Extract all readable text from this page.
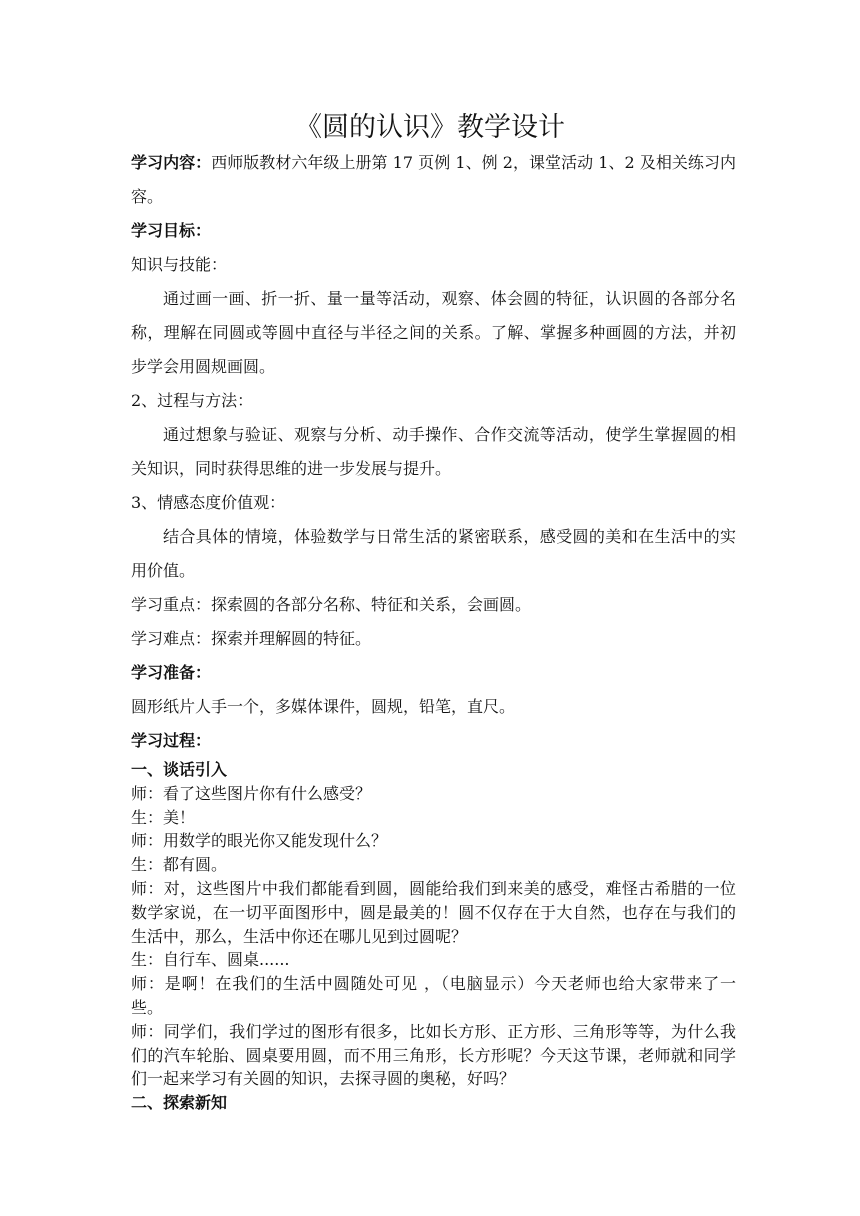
《圆的认识》教学设计

学习内容：西师版教材六年级上册第 17 页例 1、例 2，课堂活动 1、2 及相关练习内容。

学习目标：

知识与技能：

通过画一画、折一折、量一量等活动，观察、体会圆的特征，认识圆的各部分名称，理解在同圆或等圆中直径与半径之间的关系。了解、掌握多种画圆的方法，并初步学会用圆规画圆。

2、过程与方法：

通过想象与验证、观察与分析、动手操作、合作交流等活动，使学生掌握圆的相关知识，同时获得思维的进一步发展与提升。

3、情感态度价值观：

结合具体的情境，体验数学与日常生活的紧密联系，感受圆的美和在生活中的实用价值。

学习重点：探索圆的各部分名称、特征和关系，会画圆。

学习难点：探索并理解圆的特征。

学习准备：

圆形纸片人手一个，多媒体课件，圆规，铅笔，直尺。

学习过程：

一、谈话引入

师：看了这些图片你有什么感受？

生：美！

师：用数学的眼光你又能发现什么？

生：都有圆。

师：对，这些图片中我们都能看到圆，圆能给我们到来美的感受，难怪古希腊的一位数学家说，在一切平面图形中，圆是最美的！圆不仅存在于大自然，也存在与我们的生活中，那么，生活中你还在哪儿见到过圆呢？

生：自行车、圆桌......

师：是啊！在我们的生活中圆随处可见 ，（电脑显示）今天老师也给大家带来了一些。

师：同学们，我们学过的图形有很多，比如长方形、正方形、三角形等等，为什么我们的汽车轮胎、圆桌要用圆，而不用三角形，长方形呢？今天这节课，老师就和同学们一起来学习有关圆的知识，去探寻圆的奥秘，好吗？

二、探索新知
